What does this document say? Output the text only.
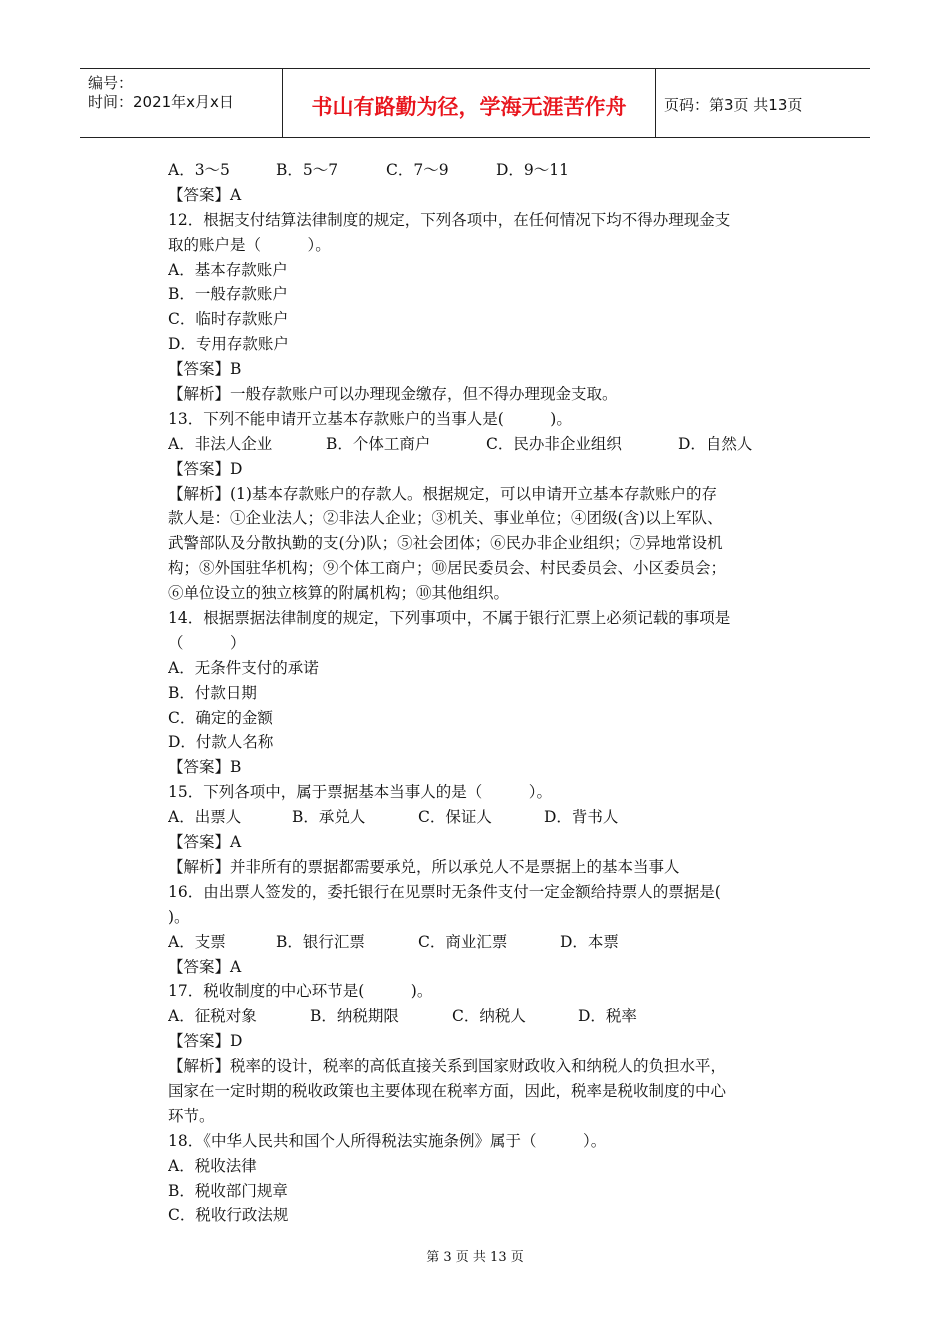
编号：
时间：2021年x月x日	书山有路勤为径，学海无涯苦作舟	页码：第3页 共13页
A．3～5	B．5～7	C．7～9	D．9～11
【答案】A
12．根据支付结算法律制度的规定，下列各项中，在任何情况下均不得办理现金支
取的账户是（　　　）。
A．基本存款账户
B．一般存款账户
C．临时存款账户
D．专用存款账户
【答案】B
【解析】一般存款账户可以办理现金缴存，但不得办理现金支取。
13．下列不能申请开立基本存款账户的当事人是(　　　)。
A．非法人企业	B．个体工商户	C．民办非企业组织	D．自然人
【答案】D
【解析】(1)基本存款账户的存款人。根据规定，可以申请开立基本存款账户的存
款人是：①企业法人；②非法人企业；③机关、事业单位；④团级(含)以上军队、
武警部队及分散执勤的支(分)队；⑤社会团体；⑥民办非企业组织；⑦异地常设机
构；⑧外国驻华机构；⑨个体工商户；⑩居民委员会、村民委员会、小区委员会；
⑥单位设立的独立核算的附属机构；⑩其他组织。
14．根据票据法律制度的规定，下列事项中，不属于银行汇票上必须记载的事项是
（　　　）
A．无条件支付的承诺
B．付款日期
C．确定的金额
D．付款人名称
【答案】B
15．下列各项中，属于票据基本当事人的是（　　　）。
A．出票人	B．承兑人	C．保证人	D．背书人
【答案】A
【解析】并非所有的票据都需要承兑，所以承兑人不是票据上的基本当事人
16．由出票人签发的，委托银行在见票时无条件支付一定金额给持票人的票据是(
)。
A．支票	B．银行汇票	C．商业汇票	D．本票
【答案】A
17．税收制度的中心环节是(　　　)。
A．征税对象	B．纳税期限	C．纳税人	D．税率
【答案】D
【解析】税率的设计，税率的高低直接关系到国家财政收入和纳税人的负担水平，
国家在一定时期的税收政策也主要体现在税率方面，因此，税率是税收制度的中心
环节。
18．《中华人民共和国个人所得税法实施条例》属于（　　　）。
A．税收法律
B．税收部门规章
C．税收行政法规
第 3 页 共 13 页
